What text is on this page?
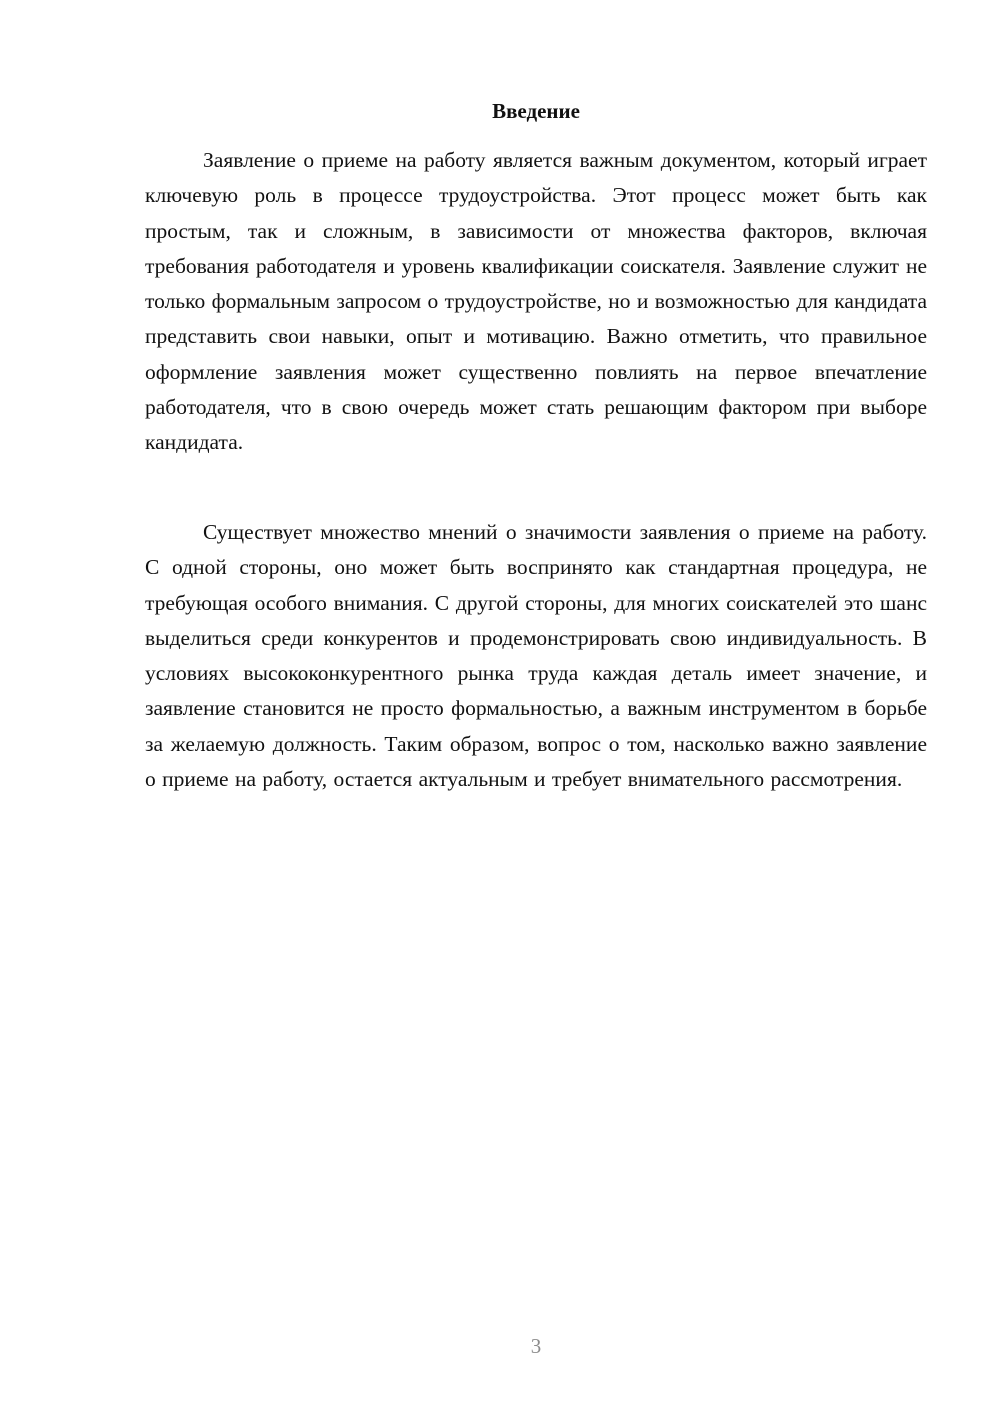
Введение

Заявление о приеме на работу является важным документом, который играет ключевую роль в процессе трудоустройства. Этот процесс может быть как простым, так и сложным, в зависимости от множества факторов, включая требования работодателя и уровень квалификации соискателя. Заявление служит не только формальным запросом о трудоустройстве, но и возможностью для кандидата представить свои навыки, опыт и мотивацию. Важно отметить, что правильное оформление заявления может существенно повлиять на первое впечатление работодателя, что в свою очередь может стать решающим фактором при выборе кандидата.

Существует множество мнений о значимости заявления о приеме на работу. С одной стороны, оно может быть воспринято как стандартная процедура, не требующая особого внимания. С другой стороны, для многих соискателей это шанс выделиться среди конкурентов и продемонстрировать свою индивидуальность. В условиях высококонкурентного рынка труда каждая деталь имеет значение, и заявление становится не просто формальностью, а важным инструментом в борьбе за желаемую должность. Таким образом, вопрос о том, насколько важно заявление о приеме на работу, остается актуальным и требует внимательного рассмотрения.

3
